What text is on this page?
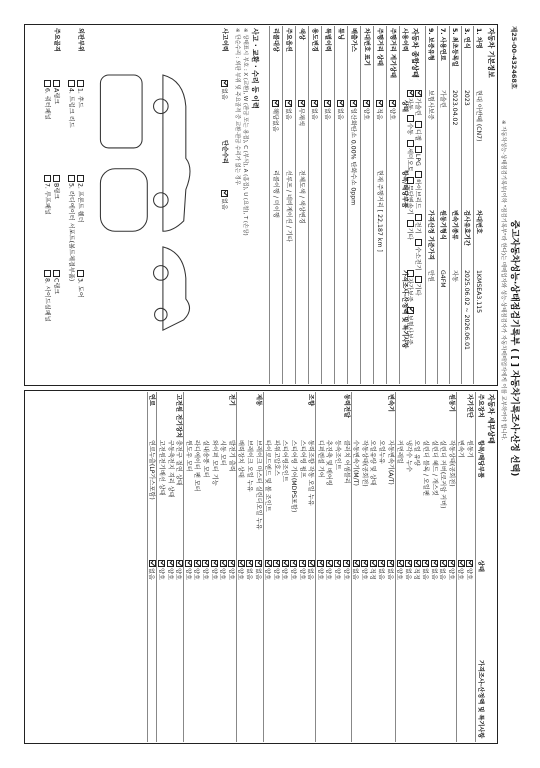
제25-00-432468호
중고자동차성능·상태점검기록부 ( [ ] 자동차기록조사·산정 선택)
※ 자동차성능·상태점검기록부(이하 "점검기록부"라 한다)는 매매업자와 성능·상태점검자가 자동차매매업자에게 이를 교부하여야 합니다.
자동차 기본정보
1. 차명
현대 아반떼 (CN7)
차대번호
1KMSEA3.115
3. 연식
2023
검사유효기간
2025.06.02 ~ 2026.06.01
5. 최초등록일
2023.04.02
변속기종류
자동
7. 사용연료
가솔린
원동기형식
G4FM
9. 보증유형
보험사보증
가격산정 기준가격
만원
가솔린디젤LPG하이브리드전기수소전기기타
자동수동세미오토무단변속기기타
자가보증보험사보증
자동차 종합상태
사용이력
상태
항목/해당부품
가격조사·산정액 및 특기사항
주행거리 계기상태
양호
주행거리 상태
적음
현재 주행거리 [ 22,187 km ]
차대번호 표기
양호
배출가스
일산화탄소 0.00% 탄화수소 0ppm
튜닝
없음
특별이력
없음
용도변경
없음
색상
무채색
전체도색 / 색상변경
주요옵션
없음
선루프 / 네비게이션 / 기타
리콜대상
해당없음
리콜이행 / 미이행
사고 · 교환 · 수리 등 이력
※ 상태표시 부호 : X (교환), W (판금 또는 용접), C (부식), A (흠집), U (요철), T (손상)
※ 단순수리 : 외판 부위 및 주요골격 중 교환·판금 수리가 없는 경우
사고이력
없음
단순수리
없음
외판부위
1. 후드
2. 프론트 휀더
3. 도어
4. 트렁크 리드
5. 라디에이터 서포트(볼트체결부품)
주요골격
A랭크
B랭크
C랭크
6. 쿼터패널
7. 루프패널
8. 사이드실패널
자동차 세부상태
주요장치
항목/해당부품
상태
가격조사·산정액 및 특기사항
자기진단
원동기
양호
변속기
양호
원동기
작동상태(공회전)
양호
실린더 커버(로커암 커버)
없음
실린더 헤드 / 개스킷
없음
실린더 블록 / 오일팬
없음
오일 유량
적정
냉각수 누수
없음
커먼레일
양호
변속기
자동변속기(A/T)
없음
오일누유
없음
오일유량 및 상태
적정
작동상태(공회전)
양호
수동변속기(M/T)
없음
동력전달
클러치 어셈블리
양호
등속조인트
양호
추진축 및 베어링
양호
디퍼렌셜 기어
양호
조향
동력조향 작동 오일 누유
없음
스티어링 펌프
양호
스티어링 기어(MDPS포함)
양호
스티어링조인트
양호
파워고압호스
양호
타이로드엔드 및 볼 조인트
양호
제동
브레이크 마스터 실린더오일 누유
없음
브레이크 오일 누유
없음
배력장치 상태
양호
전기
발전기 출력
양호
시동 모터
양호
와이퍼 모터 기능
양호
실내송풍 모터
양호
라디에이터 팬 모터
양호
윈도우 모터
양호
고전원 전기장치
충전구 절연 상태
양호
구동축전지 격리 상태
양호
고전원전기배선 상태
양호
연료
연료누출(LP가스포함)
없음
